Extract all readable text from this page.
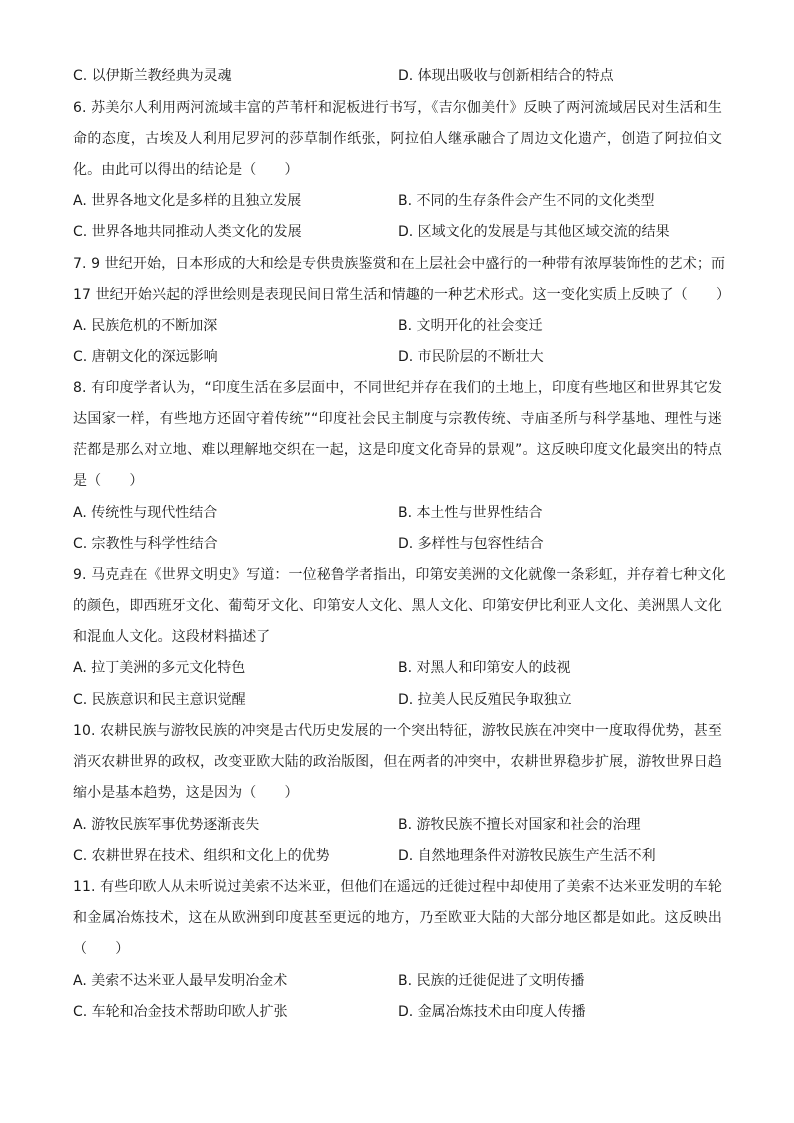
C. 以伊斯兰教经典为灵魂	D. 体现出吸收与创新相结合的特点
6. 苏美尔人利用两河流域丰富的芦苇杆和泥板进行书写，《吉尔伽美什》反映了两河流域居民对生活和生
命的态度，古埃及人利用尼罗河的莎草制作纸张，阿拉伯人继承融合了周边文化遗产，创造了阿拉伯文
化。由此可以得出的结论是（　　）
A. 世界各地文化是多样的且独立发展	B. 不同的生存条件会产生不同的文化类型
C. 世界各地共同推动人类文化的发展	D. 区域文化的发展是与其他区域交流的结果
7. 9 世纪开始，日本形成的大和绘是专供贵族鉴赏和在上层社会中盛行的一种带有浓厚装饰性的艺术；而
17 世纪开始兴起的浮世绘则是表现民间日常生活和情趣的一种艺术形式。这一变化实质上反映了（　　）
A. 民族危机的不断加深	B. 文明开化的社会变迁
C. 唐朝文化的深远影响	D. 市民阶层的不断壮大
8. 有印度学者认为，“印度生活在多层面中，不同世纪并存在我们的土地上，印度有些地区和世界其它发
达国家一样，有些地方还固守着传统”“印度社会民主制度与宗教传统、寺庙圣所与科学基地、理性与迷
茫都是那么对立地、难以理解地交织在一起，这是印度文化奇异的景观”。这反映印度文化最突出的特点
是（　　）
A. 传统性与现代性结合	B. 本土性与世界性结合
C. 宗教性与科学性结合	D. 多样性与包容性结合
9. 马克垚在《世界文明史》写道：一位秘鲁学者指出，印第安美洲的文化就像一条彩虹，并存着七种文化
的颜色，即西班牙文化、葡萄牙文化、印第安人文化、黑人文化、印第安伊比利亚人文化、美洲黑人文化
和混血人文化。这段材料描述了
A. 拉丁美洲的多元文化特色	B. 对黑人和印第安人的歧视
C. 民族意识和民主意识觉醒	D. 拉美人民反殖民争取独立
10. 农耕民族与游牧民族的冲突是古代历史发展的一个突出特征，游牧民族在冲突中一度取得优势，甚至
消灭农耕世界的政权，改变亚欧大陆的政治版图，但在两者的冲突中，农耕世界稳步扩展，游牧世界日趋
缩小是基本趋势，这是因为（　　）
A. 游牧民族军事优势逐渐丧失	B. 游牧民族不擅长对国家和社会的治理
C. 农耕世界在技术、组织和文化上的优势	D. 自然地理条件对游牧民族生产生活不利
11. 有些印欧人从未听说过美索不达米亚，但他们在遥远的迁徙过程中却使用了美索不达米亚发明的车轮
和金属冶炼技术，这在从欧洲到印度甚至更远的地方，乃至欧亚大陆的大部分地区都是如此。这反映出
（　　）
A. 美索不达米亚人最早发明冶金术	B. 民族的迁徙促进了文明传播
C. 车轮和冶金技术帮助印欧人扩张	D. 金属冶炼技术由印度人传播
